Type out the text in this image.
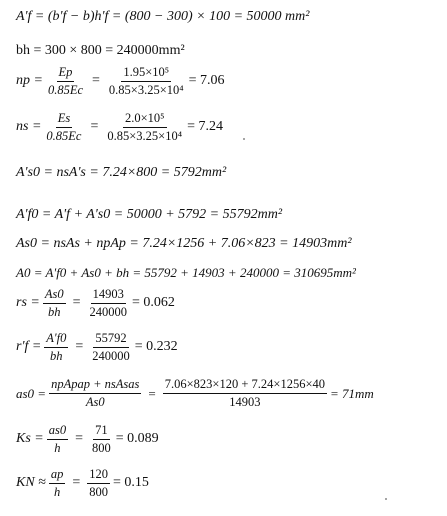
A'f = (b'f − b)h'f = (800 − 300) × 100 = 50000 mm²
bh = 300 × 800 = 240000mm²
np = $\frac{Ep}{0.85Ec} = \frac{\text{1.95×10⁵}}{\text{0.85×3.25×10⁴}} = 7.06$
ns = $\frac{Es}{0.85Ec} = \frac{\text{2.0×10⁵}}{\text{0.85×3.25×10⁴}} = 7.24$
A's0 = nsA's = 7.24×800 = 5792mm²
A'f0 = A'f + A's0 = 50000 + 5792 = 55792mm²
As0 = nsAs + npAp = 7.24×1256 + 7.06×823 = 14903mm²
A0 = A'f0 + As0 + bh = 55792 + 14903 + 240000 = 310695mm²
rs = $\frac{As0}{bh} = \frac{14903}{240000} = 0.062$
$r'f = \frac{A'f0}{bh} = \frac{55792}{240000} = 0.232$
$as0 = \frac{\text{npApap + nsAsas}}{As0} = \frac{7.06\times 823\times 120 + 7.24\times 1256\times 40}{14903} = 71mm$
$Ks = \frac{as0}{h} = \frac{71}{800} = 0.089$
KN ≈ $\frac{ap}{h} = \frac{120}{800} = 0.15$
